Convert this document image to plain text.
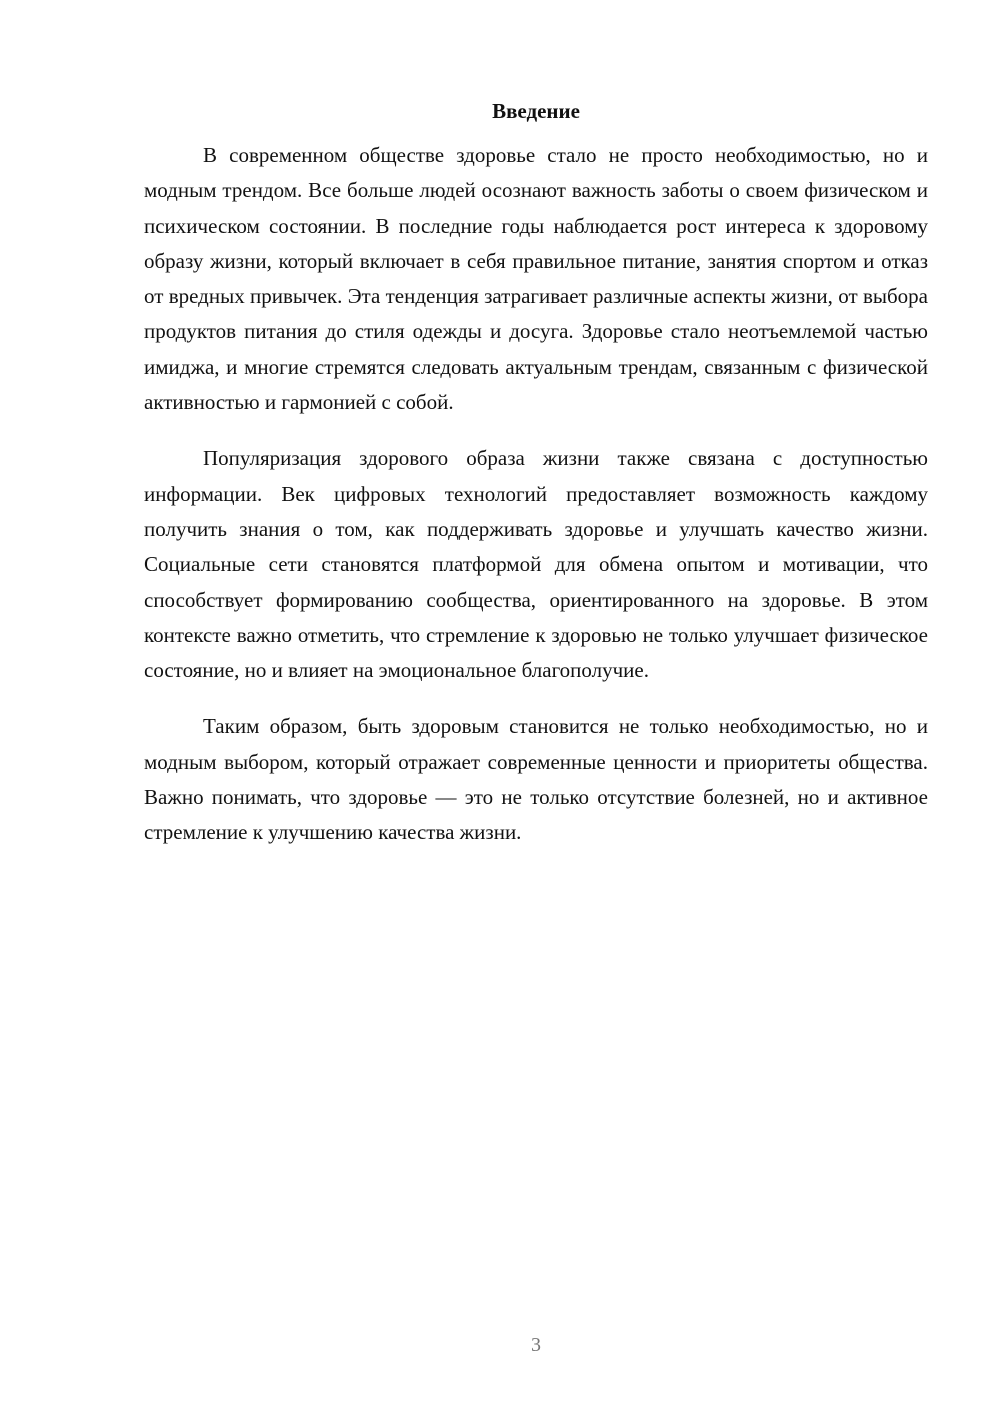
Введение

В современном обществе здоровье стало не просто необходимостью, но и модным трендом. Все больше людей осознают важность заботы о своем физическом и психическом состоянии. В последние годы наблюдается рост интереса к здоровому образу жизни, который включает в себя правильное питание, занятия спортом и отказ от вредных привычек. Эта тенденция затрагивает различные аспекты жизни, от выбора продуктов питания до стиля одежды и досуга. Здоровье стало неотъемлемой частью имиджа, и многие стремятся следовать актуальным трендам, связанным с физической активностью и гармонией с собой.

Популяризация здорового образа жизни также связана с доступностью информации. Век цифровых технологий предоставляет возможность каждому получить знания о том, как поддерживать здоровье и улучшать качество жизни. Социальные сети становятся платформой для обмена опытом и мотивации, что способствует формированию сообщества, ориентированного на здоровье. В этом контексте важно отметить, что стремление к здоровью не только улучшает физическое состояние, но и влияет на эмоциональное благополучие.

Таким образом, быть здоровым становится не только необходимостью, но и модным выбором, который отражает современные ценности и приоритеты общества. Важно понимать, что здоровье — это не только отсутствие болезней, но и активное стремление к улучшению качества жизни.

3
